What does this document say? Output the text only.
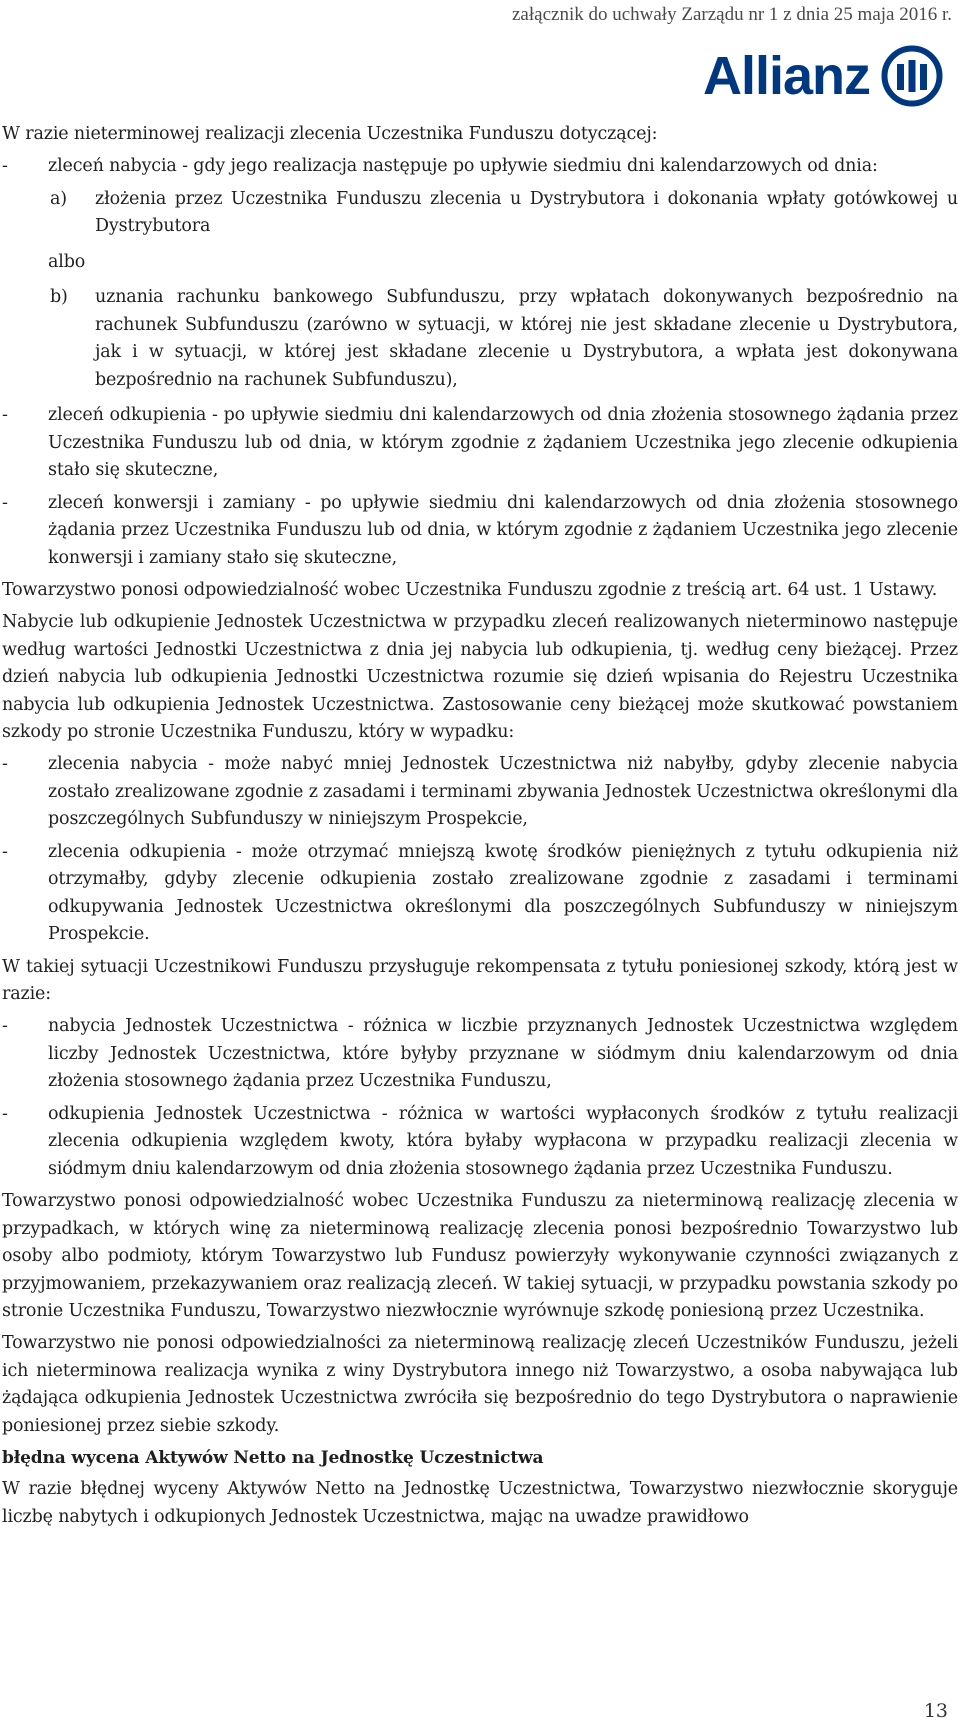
załącznik do uchwały Zarządu nr 1 z dnia 25 maja 2016 r.
Allianz

W razie nieterminowej realizacji zlecenia Uczestnika Funduszu dotyczącej:

- zleceń nabycia - gdy jego realizacja następuje po upływie siedmiu dni kalendarzowych od dnia:
a) złożenia przez Uczestnika Funduszu zlecenia u Dystrybutora i dokonania wpłaty gotówkowej u Dystrybutora
albo
b) uznania rachunku bankowego Subfunduszu, przy wpłatach dokonywanych bezpośrednio na rachunek Subfunduszu (zarówno w sytuacji, w której nie jest składane zlecenie u Dystrybutora, jak i w sytuacji, w której jest składane zlecenie u Dystrybutora, a wpłata jest dokonywana bezpośrednio na rachunek Subfunduszu),
- zleceń odkupienia - po upływie siedmiu dni kalendarzowych od dnia złożenia stosownego żądania przez Uczestnika Funduszu lub od dnia, w którym zgodnie z żądaniem Uczestnika jego zlecenie odkupienia stało się skuteczne,
- zleceń konwersji i zamiany - po upływie siedmiu dni kalendarzowych od dnia złożenia stosownego żądania przez Uczestnika Funduszu lub od dnia, w którym zgodnie z żądaniem Uczestnika jego zlecenie konwersji i zamiany stało się skuteczne,

Towarzystwo ponosi odpowiedzialność wobec Uczestnika Funduszu zgodnie z treścią art. 64 ust. 1 Ustawy.

Nabycie lub odkupienie Jednostek Uczestnictwa w przypadku zleceń realizowanych nieterminowo następuje według wartości Jednostki Uczestnictwa z dnia jej nabycia lub odkupienia, tj. według ceny bieżącej. Przez dzień nabycia lub odkupienia Jednostki Uczestnictwa rozumie się dzień wpisania do Rejestru Uczestnika nabycia lub odkupienia Jednostek Uczestnictwa. Zastosowanie ceny bieżącej może skutkować powstaniem szkody po stronie Uczestnika Funduszu, który w wypadku:

- zlecenia nabycia - może nabyć mniej Jednostek Uczestnictwa niż nabyłby, gdyby zlecenie nabycia zostało zrealizowane zgodnie z zasadami i terminami zbywania Jednostek Uczestnictwa określonymi dla poszczególnych Subfunduszy w niniejszym Prospekcie,
- zlecenia odkupienia - może otrzymać mniejszą kwotę środków pieniężnych z tytułu odkupienia niż otrzymałby, gdyby zlecenie odkupienia zostało zrealizowane zgodnie z zasadami i terminami odkupywania Jednostek Uczestnictwa określonymi dla poszczególnych Subfunduszy w niniejszym Prospekcie.

W takiej sytuacji Uczestnikowi Funduszu przysługuje rekompensata z tytułu poniesionej szkody, którą jest w razie:

- nabycia Jednostek Uczestnictwa - różnica w liczbie przyznanych Jednostek Uczestnictwa względem liczby Jednostek Uczestnictwa, które byłyby przyznane w siódmym dniu kalendarzowym od dnia złożenia stosownego żądania przez Uczestnika Funduszu,
- odkupienia Jednostek Uczestnictwa - różnica w wartości wypłaconych środków z tytułu realizacji zlecenia odkupienia względem kwoty, która byłaby wypłacona w przypadku realizacji zlecenia w siódmym dniu kalendarzowym od dnia złożenia stosownego żądania przez Uczestnika Funduszu.

Towarzystwo ponosi odpowiedzialność wobec Uczestnika Funduszu za nieterminową realizację zlecenia w przypadkach, w których winę za nieterminową realizację zlecenia ponosi bezpośrednio Towarzystwo lub osoby albo podmioty, którym Towarzystwo lub Fundusz powierzyły wykonywanie czynności związanych z przyjmowaniem, przekazywaniem oraz realizacją zleceń. W takiej sytuacji, w przypadku powstania szkody po stronie Uczestnika Funduszu, Towarzystwo niezwłocznie wyrównuje szkodę poniesioną przez Uczestnika.

Towarzystwo nie ponosi odpowiedzialności za nieterminową realizację zleceń Uczestników Funduszu, jeżeli ich nieterminowa realizacja wynika z winy Dystrybutora innego niż Towarzystwo, a osoba nabywająca lub żądająca odkupienia Jednostek Uczestnictwa zwróciła się bezpośrednio do tego Dystrybutora o naprawienie poniesionej przez siebie szkody.

błędna wycena Aktywów Netto na Jednostkę Uczestnictwa

W razie błędnej wyceny Aktywów Netto na Jednostkę Uczestnictwa, Towarzystwo niezwłocznie skoryguje liczbę nabytych i odkupionych Jednostek Uczestnictwa, mając na uwadze prawidłowo

13
